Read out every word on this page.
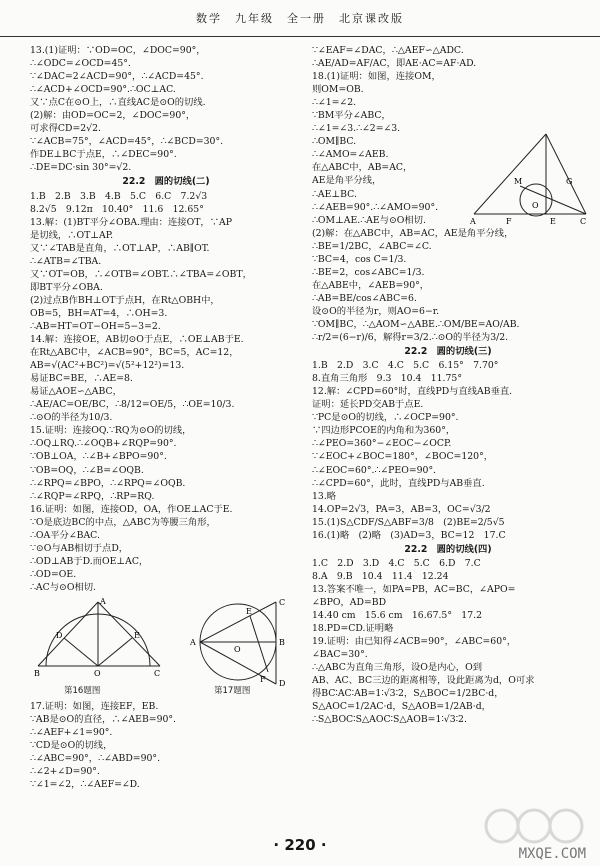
数学　九年级　全一册　北京课改版
13.(1)证明：∵OD=OC，∠DOC=90°，
∴∠ODC=∠OCD=45°.
∵∠DAC=2∠ACD=90°，∴∠ACD=45°.
∴∠ACD+∠OCD=90°.∴OC⊥AC.
又∵点C在⊙O上，∴直线AC是⊙O的切线.
(2)解：由OD=OC=2，∠DOC=90°，
可求得CD=2√2.
∵∠ACB=75°，∠ACD=45°，∴∠BCD=30°.
作DE⊥BC于点E，∴∠DEC=90°.
∴DE=DC·sin 30°=√2.
22.2　圆的切线(二)
1.B　2.B　3.B　4.B　5.C　6.C　7.2√3
8.2√5　9.12π　10.40°　11.6　12.65°
13.解：(1)BT平分∠OBA.理由：连接OT，∵AP
是切线，∴OT⊥AP.
又∵∠TAB是直角，∴OT⊥AP，∴AB∥OT.
∴∠ATB=∠TBA.
又∵OT=OB，∴∠OTB=∠OBT.∴∠TBA=∠OBT，
即BT平分∠OBA.
(2)过点B作BH⊥OT于点H，在Rt△OBH中，
OB=5，BH=AT=4，∴OH=3.
∴AB=HT=OT−OH=5−3=2.
14.解：连接OE，AB切⊙O于点E，∴OE⊥AB于E.
在Rt△ABC中，∠ACB=90°，BC=5，AC=12，
AB=√(AC²+BC²)=√(5²+12²)=13.
易证BC=BE，∴AE=8.
易证△AOE∽△ABC，
∴AE/AC=OE/BC，∴8/12=OE/5，∴OE=10/3.
∴⊙O的半径为10/3.
15.证明：连接OQ.∵RQ为⊙O的切线，
∴OQ⊥RQ.∴∠OQB+∠RQP=90°.
∵OB⊥OA，∴∠B+∠BPO=90°.
∵OB=OQ，∴∠B=∠OQB.
∴∠RPQ=∠BPO，∴∠RPQ=∠OQB.
∴∠RQP=∠RPQ，∴RP=RQ.
16.证明：如图，连接OD，OA，作OE⊥AC于E.
∵O是底边BC的中点，△ABC为等腰三角形，
∴OA平分∠BAC.
∵⊙O与AB相切于点D，
∴OD⊥AB于D.而OE⊥AC，
∴OD=OE.
∴AC与⊙O相切.
A
B	C
O
D	E
A	B
C
D
E
F
O
第16题图	第17题图
17.证明：如图，连接EF，EB.
∵AB是⊙O的直径，∴∠AEB=90°.
∴∠AEF+∠1=90°.
∵CD是⊙O的切线，
∴∠ABC=90°，∴∠ABD=90°.
∴∠2+∠D=90°.
∵∠1=∠2，∴∠AEF=∠D.
A	C
E
F
M
O
G
∵∠EAF=∠DAC，∴△AEF∽△ADC.
∴AE/AD=AF/AC，即AE·AC=AF·AD.
18.(1)证明：如图，连接OM，
则OM=OB.
∴∠1=∠2.
∵BM平分∠ABC，
∴∠1=∠3.∴∠2=∠3.
∴OM∥BC.
∴∠AMO=∠AEB.
在△ABC中，AB=AC，
AE是角平分线，
∴AE⊥BC.
∴∠AEB=90°.∴∠AMO=90°.
∴OM⊥AE.∴AE与⊙O相切.
(2)解：在△ABC中，AB=AC，AE是角平分线，
∴BE=1/2BC，∠ABC=∠C.
∵BC=4，cos C=1/3.
∴BE=2，cos∠ABC=1/3.
在△ABE中，∠AEB=90°，
∴AB=BE/cos∠ABC=6.
设⊙O的半径为r，则AO=6−r.
∵OM∥BC，∴△AOM∽△ABE.∴OM/BE=AO/AB.
∴r/2=(6−r)/6，解得r=3/2.∴⊙O的半径为3/2.
22.2　圆的切线(三)
1.B　2.D　3.C　4.C　5.C　6.15°　7.70°
8.直角三角形　9.3　10.4　11.75°
12.解：∠CPD=60°时，直线PD与直线AB垂直.
证明：延长PD交AB于点E.
∵PC是⊙O的切线，∴∠OCP=90°.
∵四边形PCOE的内角和为360°，
∴∠PEO=360°−∠EOC−∠OCP.
∵∠EOC+∠BOC=180°，∠BOC=120°，
∴∠EOC=60°.∴∠PEO=90°.
∴∠CPD=60°，此时，直线PD与AB垂直.
13.略
14.OP=2√3，PA=3，AB=3，OC=√3/2
15.(1)S△CDF/S△ABF=3/8　(2)BE=2/5√5
16.(1)略　(2)略　(3)AD=3，BC=12　17.C
22.2　圆的切线(四)
1.C　2.D　3.D　4.C　5.C　6.D　7.C
8.A　9.B　10.4　11.4　12.24
13.答案不唯一，如PA=PB，AC=BC，∠APO=
∠BPO，AD=BD
14.40 cm　15.6 cm　16.67.5°　17.2
18.PD=CD.证明略
19.证明：由已知得∠ACB=90°，∠ABC=60°，
∠BAC=30°.
∴△ABC为直角三角形，设O是内心，O到
AB、AC、BC三边的距离相等，设此距离为d，O可求
得BC∶AC∶AB=1∶√3∶2，S△BOC=1/2BC·d，
S△AOC=1/2AC·d，S△AOB=1/2AB·d，
∴S△BOC∶S△AOC∶S△AOB=1∶√3∶2.
· 220 ·	MXQE.COM
